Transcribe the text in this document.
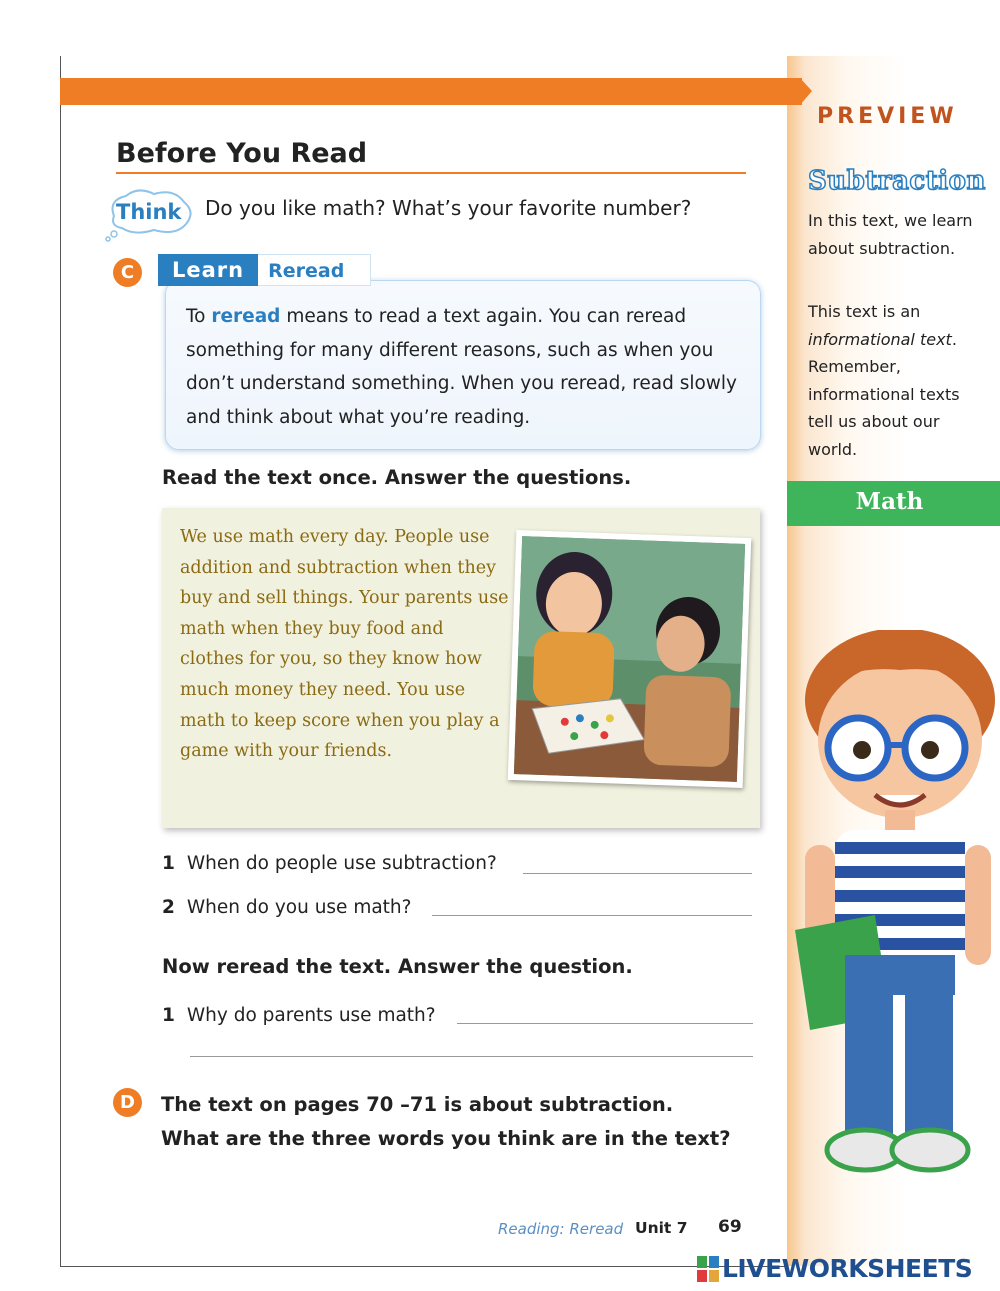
PREVIEW
Subtraction
In this text, we learn about subtraction.
This text is an informational text. Remember, informational texts tell us about our world.
Math
Before You Read
Think Do you like math? What’s your favorite number?
C	Learn	Reread
To reread means to read a text again. You can reread something for many different reasons, such as when you don’t understand something. When you reread, read slowly and think about what you’re reading.
Read the text once. Answer the questions.
We use math every day. People use addition and subtraction when they buy and sell things. Your parents use math when they buy food and clothes for you, so they know how much money they need. You use math to keep score when you play a game with your friends.
1 When do people use subtraction?
2 When do you use math?
Now reread the text. Answer the question.
1 Why do parents use math?
D	The text on pages 70 –71 is about subtraction.
What are the three words you think are in the text?
Reading: Reread Unit 7 69
LIVEWORKSHEETS
